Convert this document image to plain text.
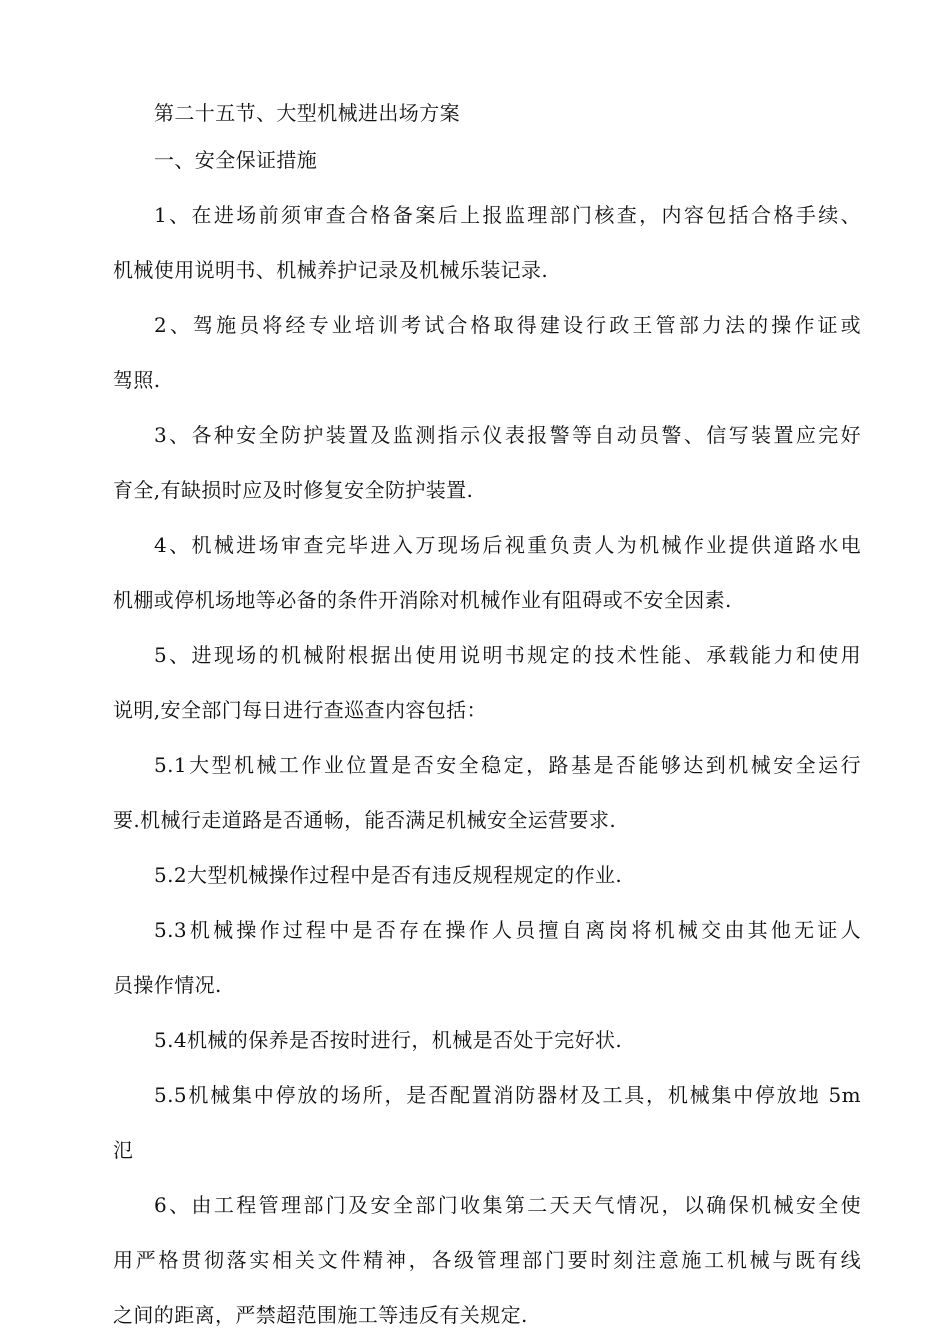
第二十五节、大型机械进出场方案
一、安全保证措施
1、在进场前须审查合格备案后上报监理部门核查，内容包括合格手续、
机械使用说明书、机械养护记录及机械乐装记录.
2、驾施员将经专业培训考试合格取得建设行政王管部力法的操作证或
驾照.
3、各种安全防护装置及监测指示仪表报警等自动员警、信写装置应完好
育全,有缺损时应及时修复安全防护装置.
4、机械进场审查完毕进入万现场后视重负责人为机械作业提供道路水电
机棚或停机场地等必备的条件开消除对机械作业有阻碍或不安全因素.
5、进现场的机械附根据出使用说明书规定的技术性能、承载能力和使用
说明,安全部门每日进行查巡查内容包括：
5.1大型机械工作业位置是否安全稳定，路基是否能够达到机械安全运行
要.机械行走道路是否通畅，能否满足机械安全运营要求.
5.2大型机械操作过程中是否有违反规程规定的作业.
5.3机械操作过程中是否存在操作人员擅自离岗将机械交由其他无证人
员操作情况.
5.4机械的保养是否按时进行，机械是否处于完好状.
5.5机械集中停放的场所，是否配置消防器材及工具，机械集中停放地 5m
氾
6、由工程管理部门及安全部门收集第二天天气情况，以确保机械安全使
用严格贯彻落实相关文件精神，各级管理部门要时刻注意施工机械与既有线
之间的距离，严禁超范围施工等违反有关规定.
